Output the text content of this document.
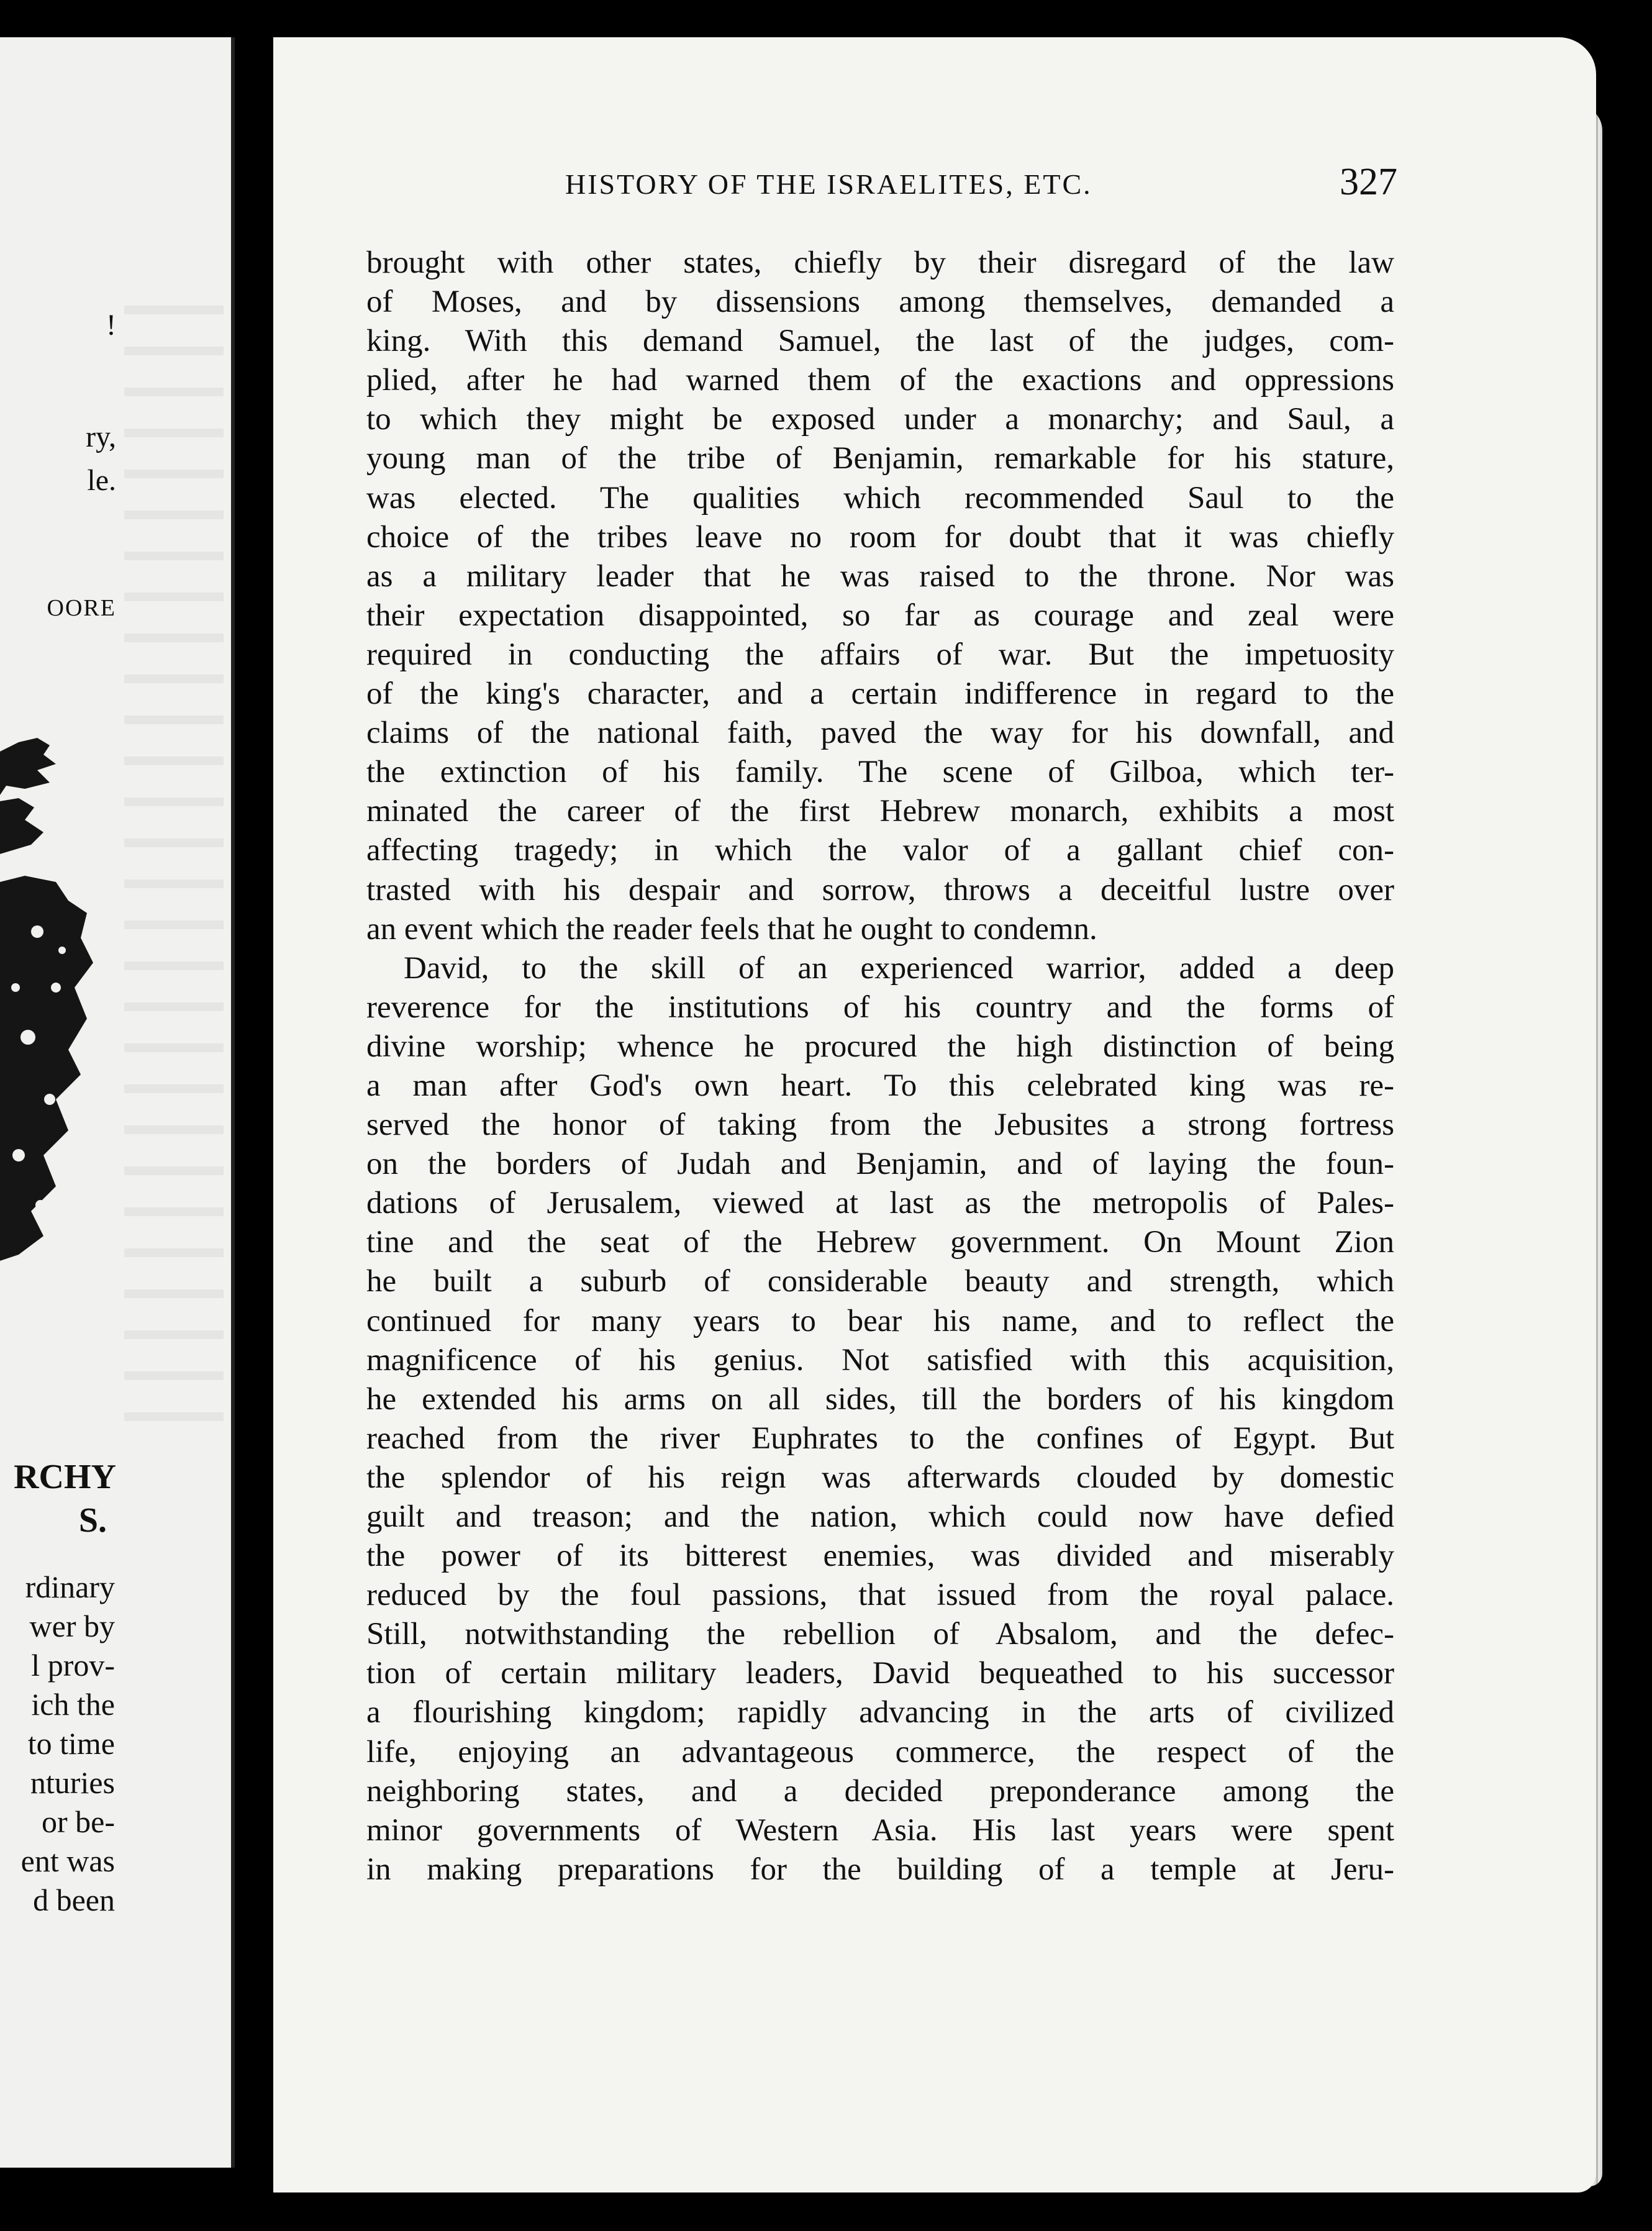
!
ry,
le.
OORE
RCHY
S.
rdinary
wer by
l prov-
ich the
to time
nturies
or be-
ent was
d been
HISTORY OF THE ISRAELITES, ETC.	327
brought with other states, chiefly by their disregard of the law
of Moses, and by dissensions among themselves, demanded a
king. With this demand Samuel, the last of the judges, com-
plied, after he had warned them of the exactions and oppressions
to which they might be exposed under a monarchy; and Saul, a
young man of the tribe of Benjamin, remarkable for his stature,
was elected. The qualities which recommended Saul to the
choice of the tribes leave no room for doubt that it was chiefly
as a military leader that he was raised to the throne. Nor was
their expectation disappointed, so far as courage and zeal were
required in conducting the affairs of war. But the impetuosity
of the king's character, and a certain indifference in regard to the
claims of the national faith, paved the way for his downfall, and
the extinction of his family. The scene of Gilboa, which ter-
minated the career of the first Hebrew monarch, exhibits a most
affecting tragedy; in which the valor of a gallant chief con-
trasted with his despair and sorrow, throws a deceitful lustre over
an event which the reader feels that he ought to condemn.
David, to the skill of an experienced warrior, added a deep
reverence for the institutions of his country and the forms of
divine worship; whence he procured the high distinction of being
a man after God's own heart. To this celebrated king was re-
served the honor of taking from the Jebusites a strong fortress
on the borders of Judah and Benjamin, and of laying the foun-
dations of Jerusalem, viewed at last as the metropolis of Pales-
tine and the seat of the Hebrew government. On Mount Zion
he built a suburb of considerable beauty and strength, which
continued for many years to bear his name, and to reflect the
magnificence of his genius. Not satisfied with this acquisition,
he extended his arms on all sides, till the borders of his kingdom
reached from the river Euphrates to the confines of Egypt. But
the splendor of his reign was afterwards clouded by domestic
guilt and treason; and the nation, which could now have defied
the power of its bitterest enemies, was divided and miserably
reduced by the foul passions, that issued from the royal palace.
Still, notwithstanding the rebellion of Absalom, and the defec-
tion of certain military leaders, David bequeathed to his successor
a flourishing kingdom; rapidly advancing in the arts of civilized
life, enjoying an advantageous commerce, the respect of the
neighboring states, and a decided preponderance among the
minor governments of Western Asia. His last years were spent
in making preparations for the building of a temple at Jeru-
